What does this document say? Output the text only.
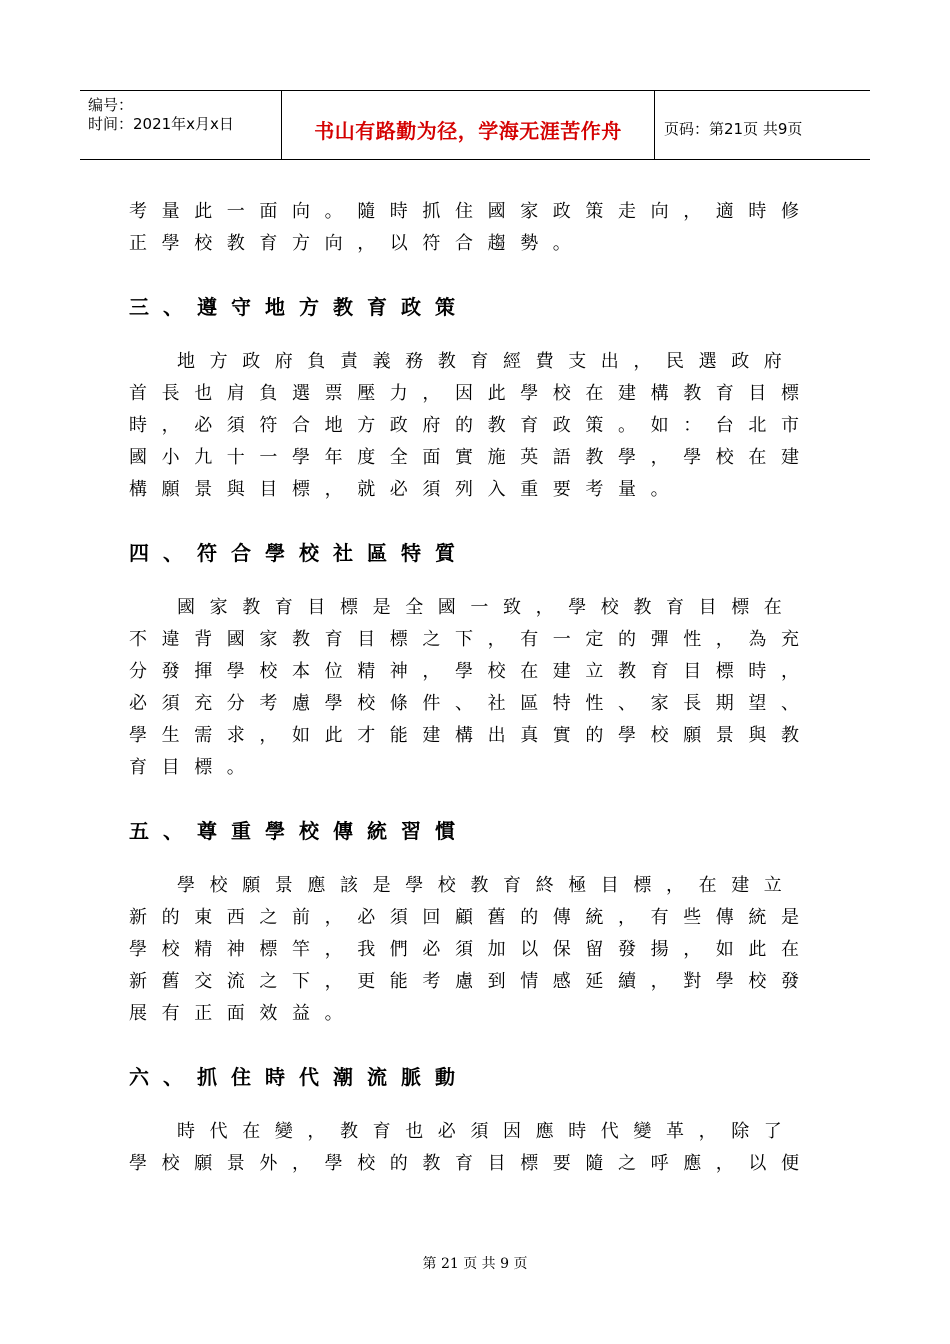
编号：
时间：2021年x月x日	书山有路勤为径，学海无涯苦作舟	页码：第21页 共9页

考量此一面向。隨時抓住國家政策走向，適時修正學校教育方向，以符合趨勢。

三、遵守地方教育政策

地方政府負責義務教育經費支出，民選政府首長也肩負選票壓力，因此學校在建構教育目標時，必須符合地方政府的教育政策。如：台北市國小九十一學年度全面實施英語教學，學校在建構願景與目標，就必須列入重要考量。

四、符合學校社區特質

國家教育目標是全國一致，學校教育目標在不違背國家教育目標之下，有一定的彈性，為充分發揮學校本位精神，學校在建立教育目標時，必須充分考慮學校條件、社區特性、家長期望、學生需求，如此才能建構出真實的學校願景與教育目標。

五、尊重學校傳統習慣

學校願景應該是學校教育終極目標，在建立新的東西之前，必須回顧舊的傳統，有些傳統是學校精神標竿，我們必須加以保留發揚，如此在新舊交流之下，更能考慮到情感延續，對學校發展有正面效益。

六、抓住時代潮流脈動

時代在變，教育也必須因應時代變革，除了學校願景外，學校的教育目標要隨之呼應，以便

第 21 页 共 9 页
